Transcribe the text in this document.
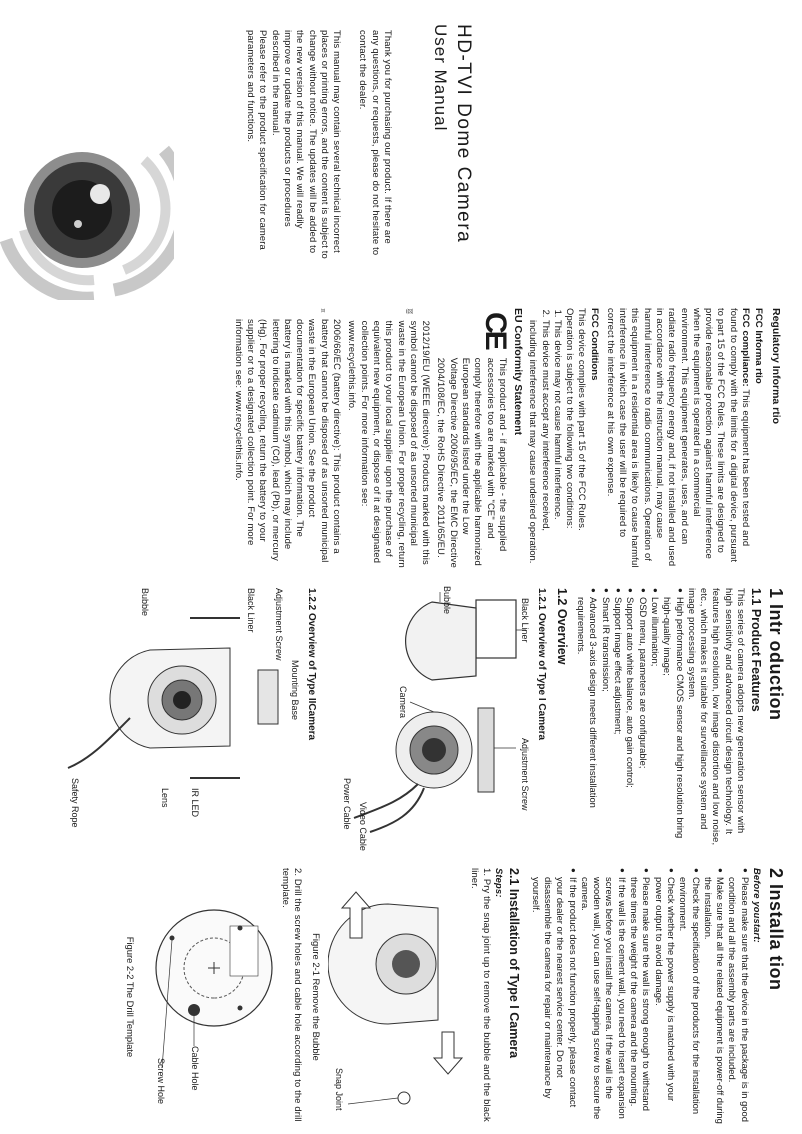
HD-TVI Dome Camera
User Manual

Thank you for purchasing our product. If there are any questions, or requests, please do not hesitate to contact the dealer.

This manual may contain several technical incorrect places or printing errors, and the content is subject to change without notice. The updates will be added to the new version of this manual. We will readily improve or update the products or procedures described in the manual.

Please refer to the product specification for camera parameters and functions.

Regulatory Informa rtio
FCC Informa rtio

FCC compliance: This equipment has been tested and found to comply with the limits for a digital device, pursuant to part 15 of the FCC Rules. These limits are designed to provide reasonable protection against harmful interference when the equipment is operated in a commercial environment. This equipment generates, uses, and can radiate radio frequency energy and, if not installed and used in accordance with the instruction manual, may cause harmful interference to radio communications. Operation of this equipment in a residential area is likely to cause harmful interference in which case the user will be required to correct the interference at his own expense.

FCC Conditions

This device complies with part 15 of the FCC Rules. Operation is subject to the following two conditions:

1. This device may not cause harmful interference.
2. This device must accept any interference received, including interference that may cause undesired operation.
EU Conformity Statement
CE

This product and - if applicable - the supplied accessories too are marked with "CE" and comply therefore with the applicable harmonized European standards listed under the Low Voltage Directive 2006/95/EC, the EMC Directive 2004/108/EC, the RoHS Directive 2011/65/EU.

2012/19/EU (WEEE directive): Products marked with this symbol cannot be disposed of as unsorted municipal waste in the European Union. For proper recycling, return this product to your local supplier upon the purchase of equivalent new equipment, or dispose of it at designated collection points. For more information see: www.recyclethis.info.

2006/66/EC (battery directive): This product contains a battery that cannot be disposed of as unsorted municipal waste in the European Union. See the product documentation for specific battery information. The battery is marked with this symbol, which may include lettering to indicate cadmium (Cd), lead (Pb), or mercury (Hg). For proper recycling, return the battery to your supplier or to a designated collection point. For more information see: www.recyclethis.info.

1 Intr oduction
1.1 Product Features

This series of camera adopts new generation sensor with high sensitivity and advanced circuit design technology. It features high resolution, low image distortion and low noise, etc., which makes it suitable for surveillance system and image processing system.

● High performance CMOS sensor and high resolution bring high-quality image;
● Low illumination;
● OSD menu, parameters are configurable;
● Support auto white balance, auto gain control;
● Support image effect adjustment;
● Smart IR transmission;
● Advanced 3-axis design meets different installation requirements.
1.2 Overview
1.2.1 Overview of Type I Camera
Black Liner
Adjustment Screw
Bubble
Camera
Power Cable Video Cable
1.2.2 Overview of Type IICamera
Mounting Base
Adjustment Screw
Black Liner
Bubble
IR LED
Lens
Safety Rope
2 Installa tion

Before youstart:

● Please make sure that the device in the package is in good condition and all the assembly parts are included.
● Make sure that all the related equipment is power-off during the installation.
● Check the specification of the products for the installation environment.
● Check whether the power supply is matched with your power output to avoid damage.
● Please make sure the wall is strong enough to withstand three times the weight of the camera and the mounting.
● If the wall is the cement wall, you need to insert expansion screws before you install the camera. If the wall is the wooden wall, you can use self-tapping screw to secure the camera.
● If the product does not function properly, please contact your dealer or the nearest service center. Do not disassemble the camera for repair or maintenance by yourself.
2.1 Installation of Type I Camera

Steps:

1. Pry the snap joint up to remove the bubble and the black liner.

Snap Joint
Figure 2-1 Remove the Bubble

2. Drill the screw holes and cable hole according to the drill template.

Cable Hole
Screw Hole
Figure 2-2 The Drill Template
